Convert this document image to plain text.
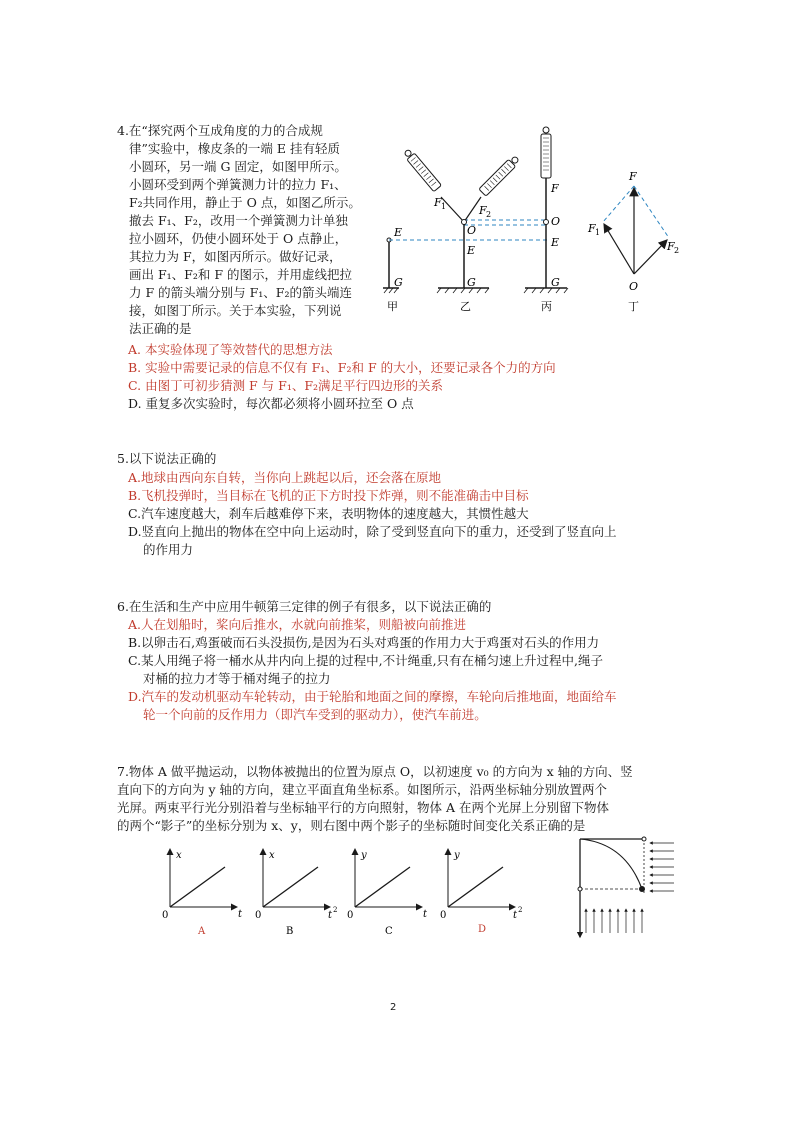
4.在“探究两个互成角度的力的合成规
律”实验中，橡皮条的一端 E 挂有轻质
小圆环，另一端 G 固定，如图甲所示。
小圆环受到两个弹簧测力计的拉力 F₁、
F₂共同作用，静止于 O 点，如图乙所示。
撤去 F₁、F₂，改用一个弹簧测力计单独
拉小圆环，仍使小圆环处于 O 点静止，
其拉力为 F，如图丙所示。做好记录，
画出 F₁、F₂和 F 的图示，并用虚线把拉
力 F 的箭头端分别与 F₁、F₂的箭头端连
接，如图丁所示。关于本实验，下列说
法正确的是
E
G
甲
F 1	F 2
O
E
G
乙
F
O
E
G
丙
F
F 1
F 2
O
丁
A. 本实验体现了等效替代的思想方法
B. 实验中需要记录的信息不仅有 F₁、F₂和 F 的大小，还要记录各个力的方向
C. 由图丁可初步猜测 F 与 F₁、F₂满足平行四边形的关系
D. 重复多次实验时，每次都必须将小圆环拉至 O 点
5.以下说法正确的
A.地球由西向东自转，当你向上跳起以后，还会落在原地
B.飞机投弹时，当目标在飞机的正下方时投下炸弹，则不能准确击中目标
C.汽车速度越大，刹车后越难停下来，表明物体的速度越大，其惯性越大
D.竖直向上抛出的物体在空中向上运动时，除了受到竖直向下的重力，还受到了竖直向上
的作用力
6.在生活和生产中应用牛顿第三定律的例子有很多，以下说法正确的
A.人在划船时，桨向后推水，水就向前推桨，则船被向前推进
B.以卵击石,鸡蛋破而石头没损伤,是因为石头对鸡蛋的作用力大于鸡蛋对石头的作用力
C.某人用绳子将一桶水从井内向上提的过程中,不计绳重,只有在桶匀速上升过程中,绳子
对桶的拉力才等于桶对绳子的拉力
D.汽车的发动机驱动车轮转动，由于轮胎和地面之间的摩擦，车轮向后推地面，地面给车
轮一个向前的反作用力（即汽车受到的驱动力），使汽车前进。
7.物体 A 做平抛运动，以物体被抛出的位置为原点 O，以初速度 v₀ 的方向为 x 轴的方向、竖
直向下的方向为 y 轴的方向，建立平面直角坐标系。如图所示，沿两坐标轴分别放置两个
光屏。两束平行光分别沿着与坐标轴平行的方向照射，物体 A 在两个光屏上分别留下物体
的两个“影子”的坐标分别为 x、y，则右图中两个影子的坐标随时间变化关系正确的是
x
t
0
A
x
t 2
0
B
y
t
0
C
y
t 2
0
D
2
